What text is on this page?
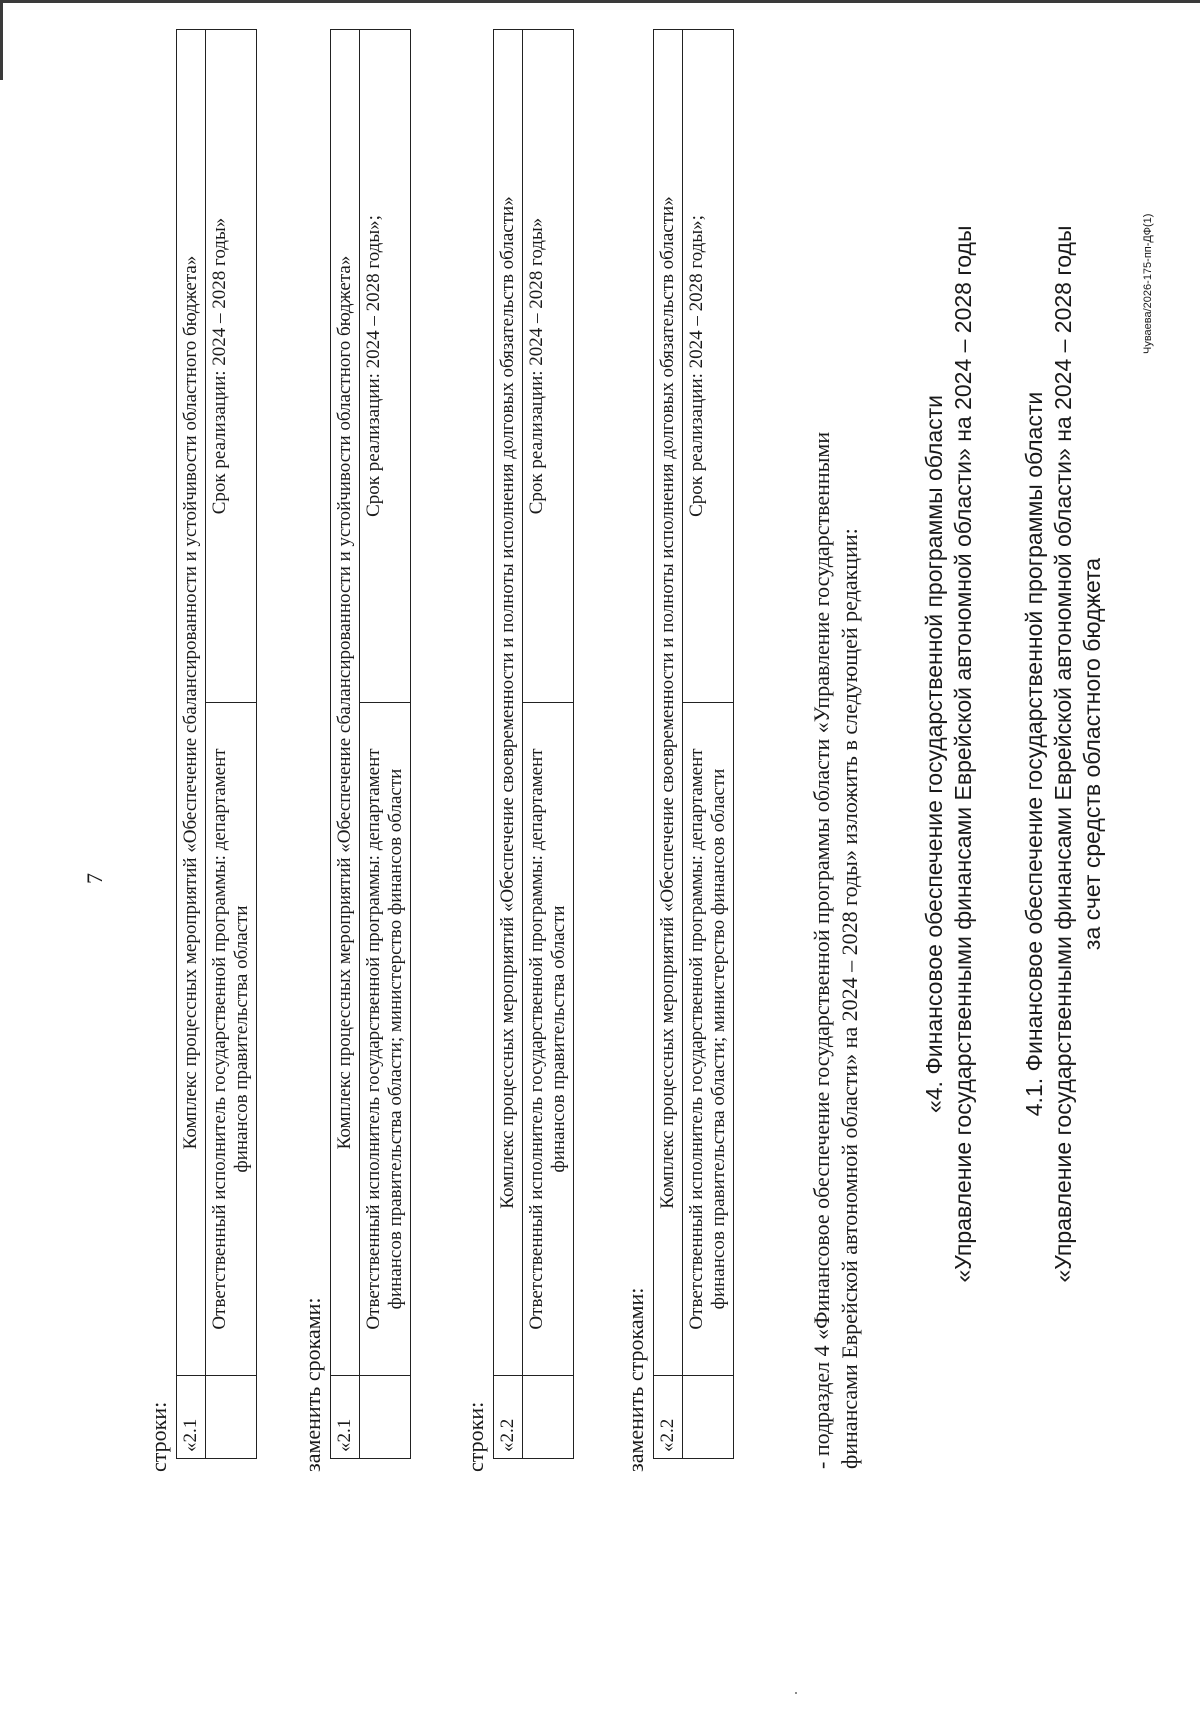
7
строки: «2.1	Комплекс процессных мероприятий «Обеспечение сбалансированности и устойчивости областного бюджета»	
	Ответственный исполнитель государственной программы: департамент финансов правительства области	Срок реализации: 2024 – 2028 годы»
заменить сроками: «2.1	Комплекс процессных мероприятий «Обеспечение сбалансированности и устойчивости областного бюджета»	
	Ответственный исполнитель государственной программы: департамент финансов правительства области; министерство финансов области	Срок реализации: 2024 – 2028 годы»;
строки: «2.2	Комплекс процессных мероприятий «Обеспечение своевременности и полноты исполнения долговых обязательств области»	
	Ответственный исполнитель государственной программы: департамент финансов правительства области	Срок реализации: 2024 – 2028 годы»
заменить строками: «2.2	Комплекс процессных мероприятий «Обеспечение своевременности и полноты исполнения долговых обязательств области»	
	Ответственный исполнитель государственной программы: департамент финансов правительства области; министерство финансов области	Срок реализации: 2024 – 2028 годы»;
- подраздел 4 «Финансовое обеспечение государственной программы области «Управление государственными финансами Еврейской автономной области» на 2024 – 2028 годы» изложить в следующей редакции:	«4. Финансовое обеспечение государственной программы области «Управление государственными финансами Еврейской автономной области» на 2024 – 2028 годы 4.1. Финансовое обеспечение государственной программы области «Управление государственными финансами Еврейской автономной области» на 2024 – 2028 годы за счет средств областного бюджета
Чуваева/2026-175-пп-ДФ(1)
